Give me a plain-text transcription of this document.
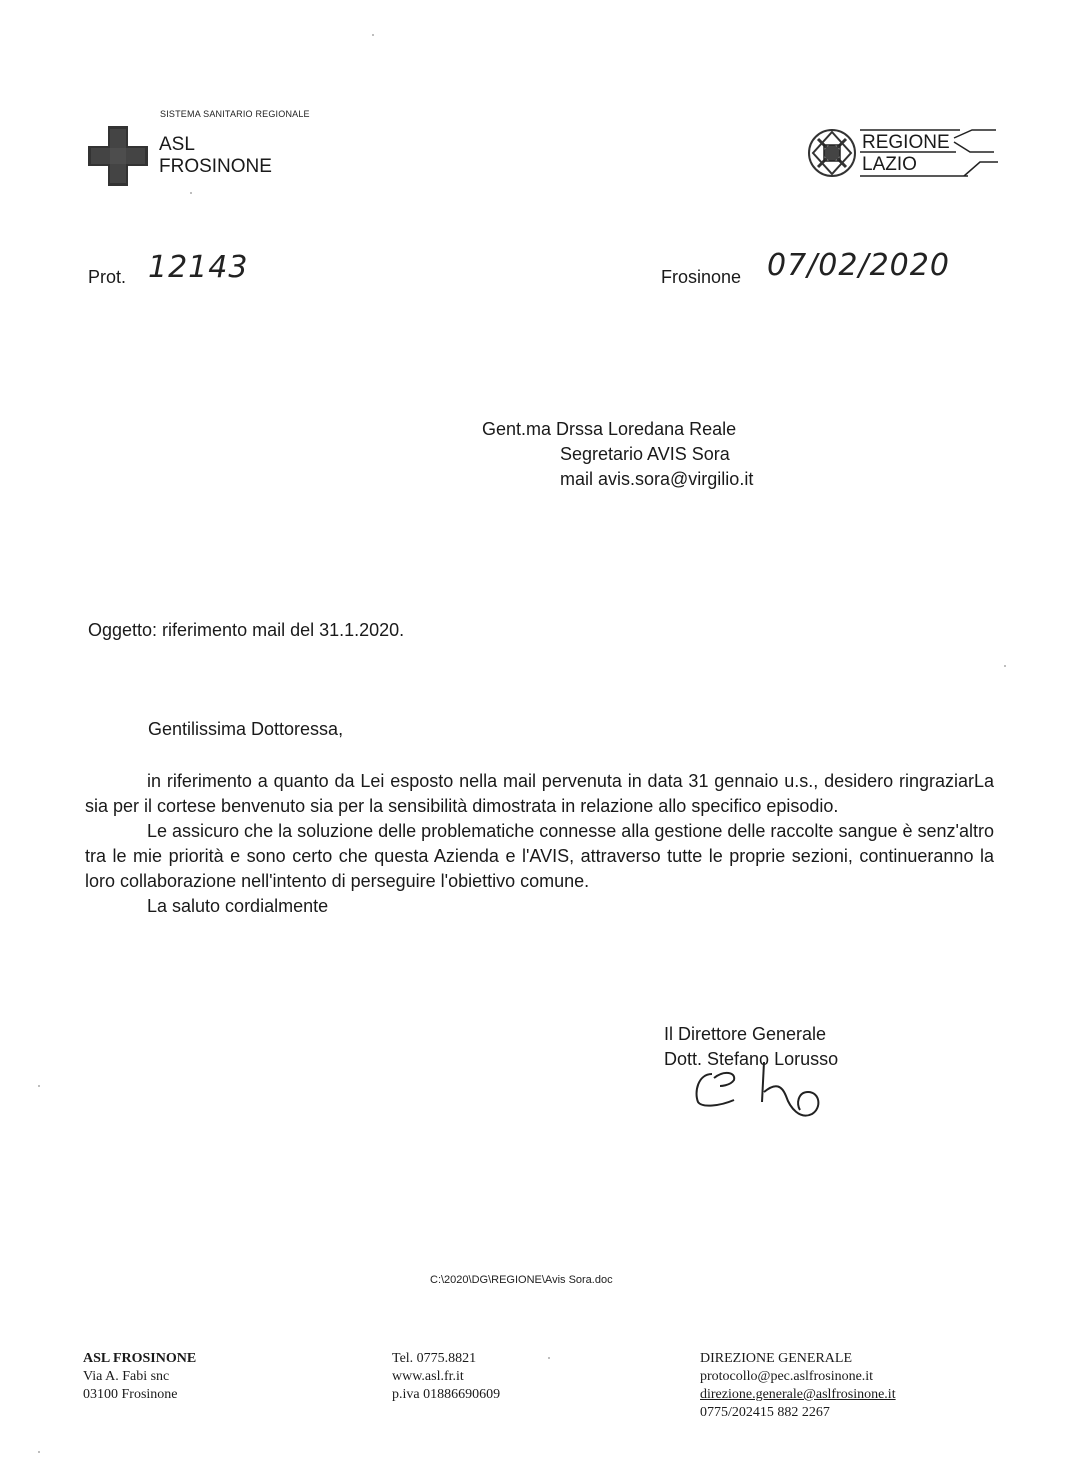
SISTEMA SANITARIO REGIONALE
ASL
FROSINONE
REGIONE
LAZIO
Prot. 12143	Frosinone 07/02/2020
Gent.ma Drssa Loredana Reale
Segretario AVIS Sora
mail avis.sora@virgilio.it
Oggetto: riferimento mail del 31.1.2020.
Gentilissima Dottoressa,

in riferimento a quanto da Lei esposto nella mail pervenuta in data 31 gennaio u.s., desidero ringraziarLa sia per il cortese benvenuto sia per la sensibilità dimostrata in relazione allo specifico episodio.

Le assicuro che la soluzione delle problematiche connesse alla gestione delle raccolte sangue è senz'altro tra le mie priorità e sono certo che questa Azienda e l'AVIS, attraverso tutte le proprie sezioni, continueranno la loro collaborazione nell'intento di perseguire l'obiettivo comune.

La saluto cordialmente

Il Direttore Generale
Dott. Stefano Lorusso
C:\2020\DG\REGIONE\Avis Sora.doc
ASL FROSINONE
Via A. Fabi snc
03100 Frosinone
Tel. 0775.8821
www.asl.fr.it
p.iva 01886690609
DIREZIONE GENERALE
protocollo@pec.aslfrosinone.it
direzione.generale@aslfrosinone.it
0775/202415 882 2267
